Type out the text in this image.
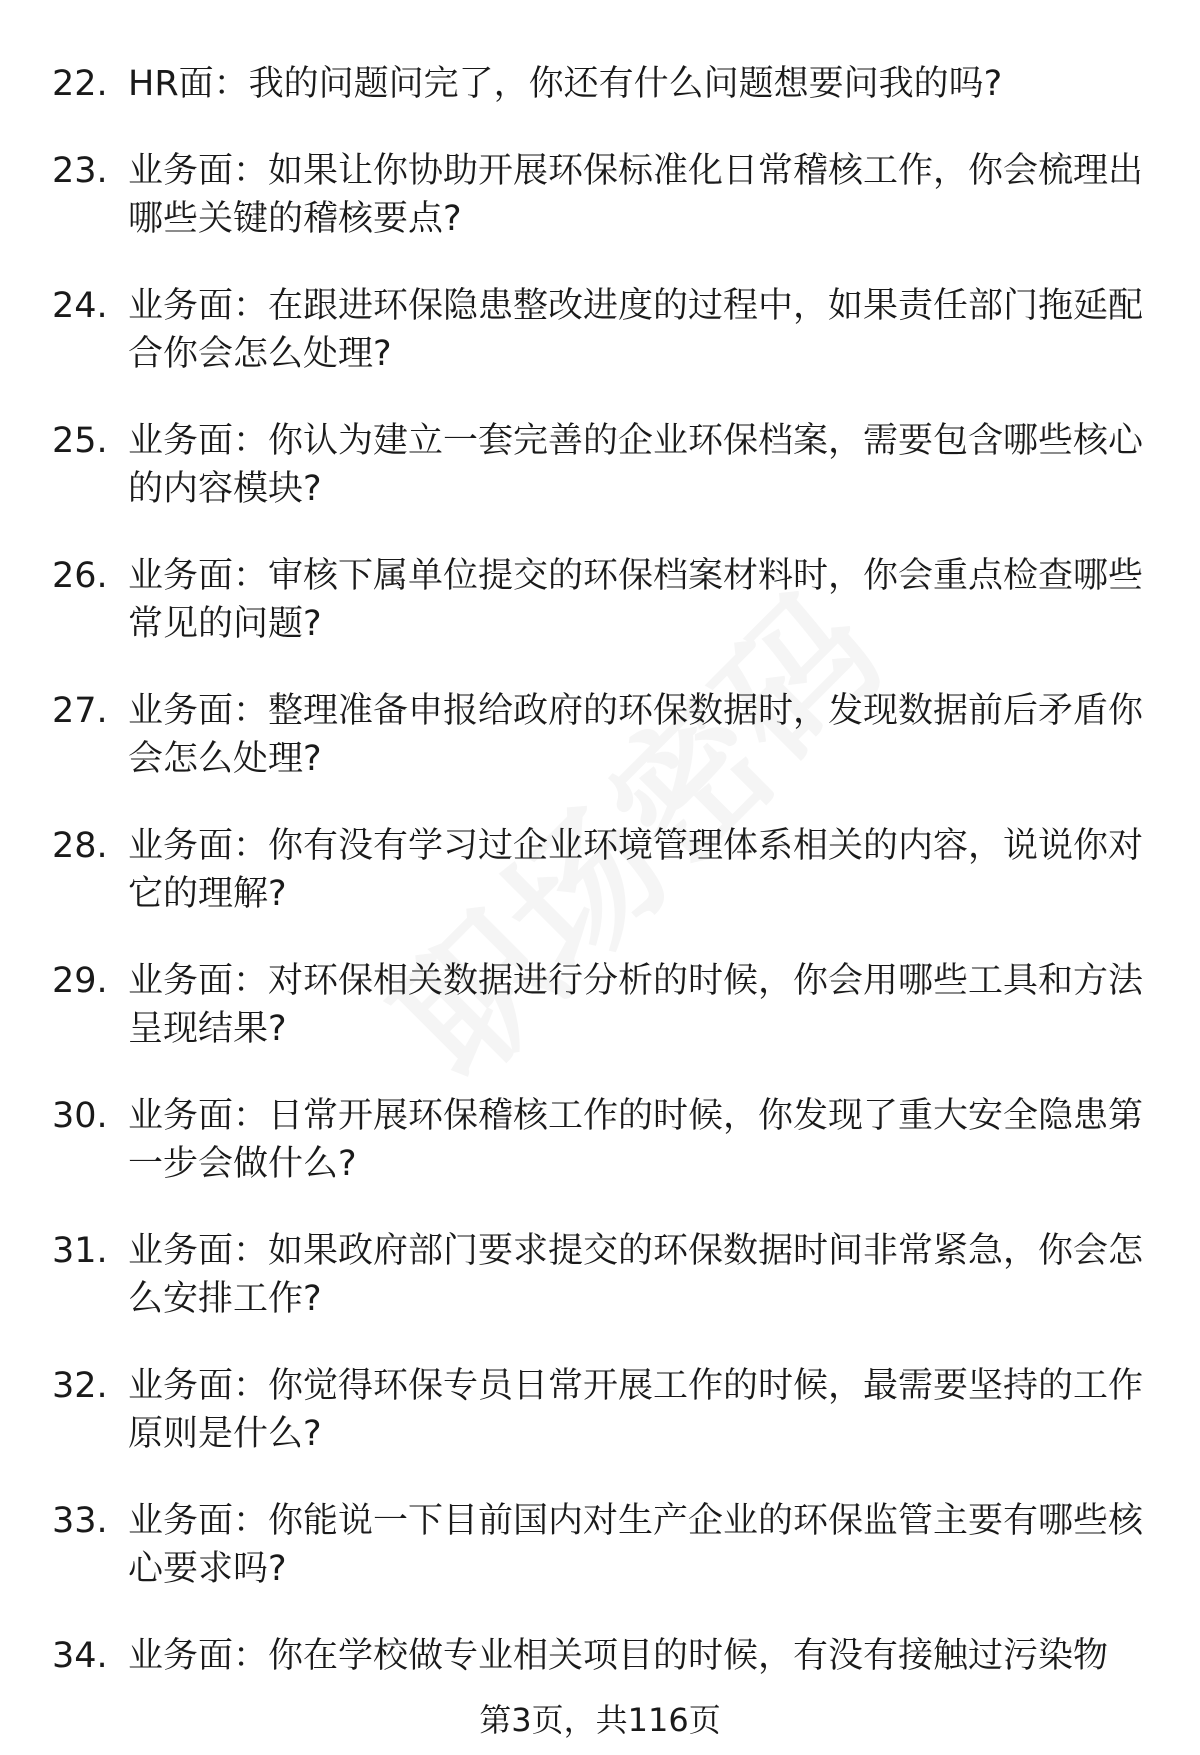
22. HR面：我的问题问完了，你还有什么问题想要问我的吗?
23. 业务面：如果让你协助开展环保标准化日常稽核工作，你会梳理出哪些关键的稽核要点?
24. 业务面：在跟进环保隐患整改进度的过程中，如果责任部门拖延配合你会怎么处理?
25. 业务面：你认为建立一套完善的企业环保档案，需要包含哪些核心的内容模块?
26. 业务面：审核下属单位提交的环保档案材料时，你会重点检查哪些常见的问题?
27. 业务面：整理准备申报给政府的环保数据时，发现数据前后矛盾你会怎么处理?
28. 业务面：你有没有学习过企业环境管理体系相关的内容，说说你对它的理解?
29. 业务面：对环保相关数据进行分析的时候，你会用哪些工具和方法呈现结果?
30. 业务面：日常开展环保稽核工作的时候，你发现了重大安全隐患第一步会做什么?
31. 业务面：如果政府部门要求提交的环保数据时间非常紧急，你会怎么安排工作?
32. 业务面：你觉得环保专员日常开展工作的时候，最需要坚持的工作原则是什么?
33. 业务面：你能说一下目前国内对生产企业的环保监管主要有哪些核心要求吗?
34. 业务面：你在学校做专业相关项目的时候，有没有接触过污染物
第3页，共116页
